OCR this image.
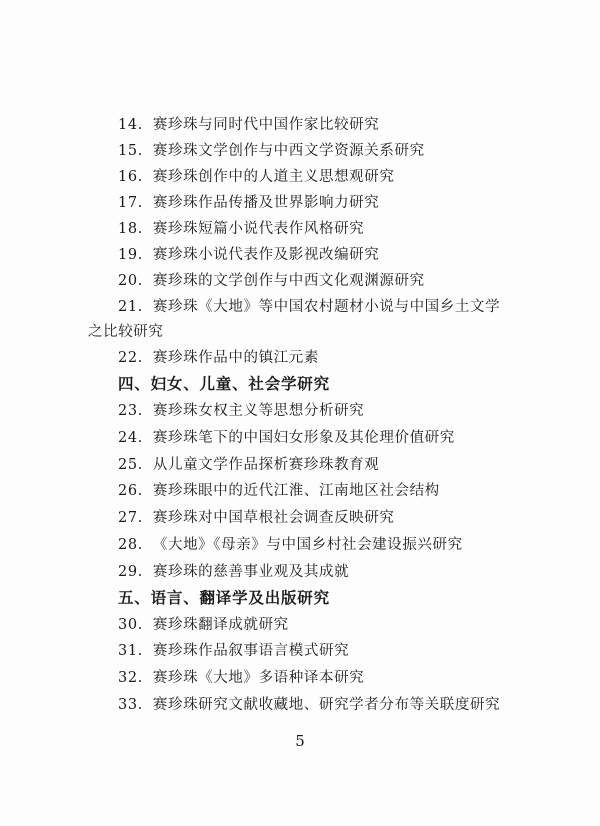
14. 赛珍珠与同时代中国作家比较研究
15. 赛珍珠文学创作与中西文学资源关系研究
16. 赛珍珠创作中的人道主义思想观研究
17. 赛珍珠作品传播及世界影响力研究
18. 赛珍珠短篇小说代表作风格研究
19. 赛珍珠小说代表作及影视改编研究
20. 赛珍珠的文学创作与中西文化观渊源研究
21. 赛珍珠《大地》等中国农村题材小说与中国乡土文学
之比较研究
22. 赛珍珠作品中的镇江元素
四、妇女、儿童、社会学研究
23. 赛珍珠女权主义等思想分析研究
24. 赛珍珠笔下的中国妇女形象及其伦理价值研究
25. 从儿童文学作品探析赛珍珠教育观
26. 赛珍珠眼中的近代江淮、江南地区社会结构
27. 赛珍珠对中国草根社会调查反映研究
28. 《大地》《母亲》与中国乡村社会建设振兴研究
29. 赛珍珠的慈善事业观及其成就
五、语言、翻译学及出版研究
30. 赛珍珠翻译成就研究
31. 赛珍珠作品叙事语言模式研究
32. 赛珍珠《大地》多语种译本研究
33. 赛珍珠研究文献收藏地、研究学者分布等关联度研究
5
